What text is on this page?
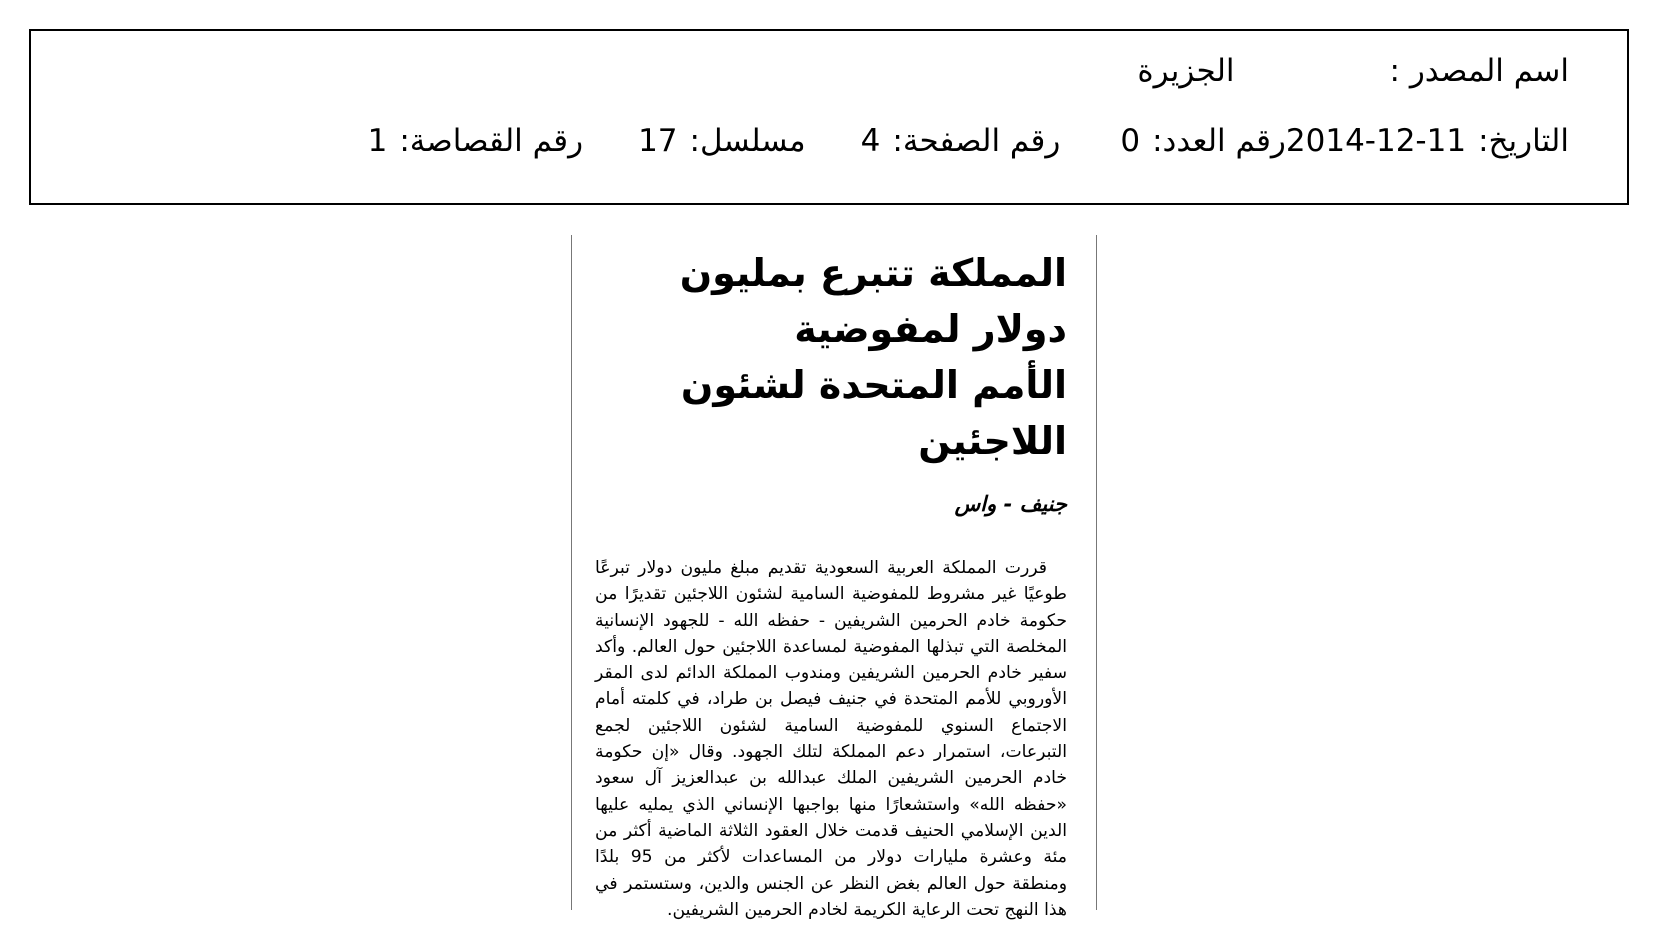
اسم المصدر :
الجزيرة
التاريخ:
2014-12-11
رقم العدد:
0
رقم الصفحة:
4
مسلسل:
17
رقم القصاصة:
1
المملكة تتبرع بمليون دولار لمفوضية
الأمم المتحدة لشئون اللاجئين
جنيف - واس

قررت المملكة العربية السعودية تقديم مبلغ مليون دولار تبرعًا طوعيًا غير مشروط للمفوضية السامية لشئون اللاجئين تقديرًا من حكومة خادم الحرمين الشريفين - حفظه الله - للجهود الإنسانية المخلصة التي تبذلها المفوضية لمساعدة اللاجئين حول العالم. وأكد سفير خادم الحرمين الشريفين ومندوب المملكة الدائم لدى المقر الأوروبي للأمم المتحدة في جنيف فيصل بن طراد، في كلمته أمام الاجتماع السنوي للمفوضية السامية لشئون اللاجئين لجمع التبرعات، استمرار دعم المملكة لتلك الجهود. وقال «إن حكومة خادم الحرمين الشريفين الملك عبدالله بن عبدالعزيز آل سعود «حفظه الله» واستشعارًا منها بواجبها الإنساني الذي يمليه عليها الدين الإسلامي الحنيف قدمت خلال العقود الثلاثة الماضية أكثر من مئة وعشرة مليارات دولار من المساعدات لأكثر من 95 بلدًا ومنطقة حول العالم بغض النظر عن الجنس والدين، وستستمر في هذا النهج تحت الرعاية الكريمة لخادم الحرمين الشريفين.
